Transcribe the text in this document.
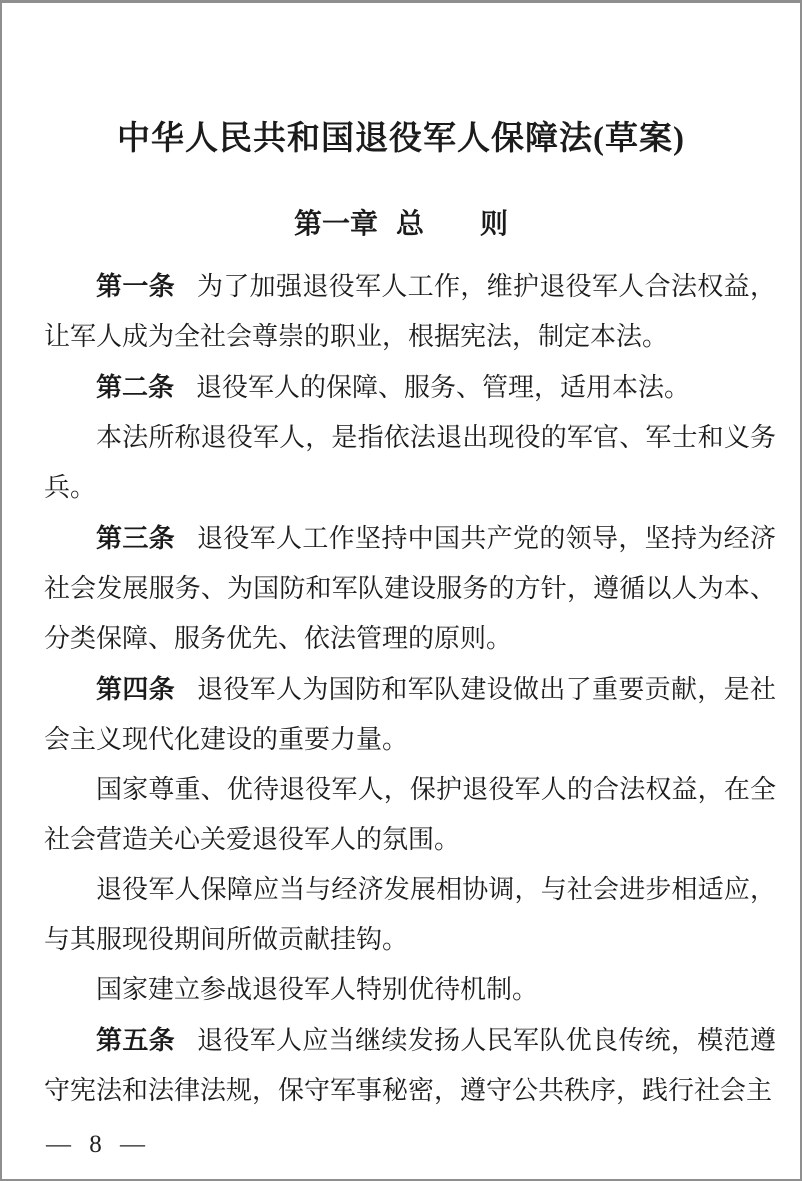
中华人民共和国退役军人保障法(草案)
第一章 总　　则

第一条 为了加强退役军人工作，维护退役军人合法权益，让军人成为全社会尊崇的职业，根据宪法，制定本法。

第二条 退役军人的保障、服务、管理，适用本法。

本法所称退役军人，是指依法退出现役的军官、军士和义务兵。

第三条 退役军人工作坚持中国共产党的领导，坚持为经济社会发展服务、为国防和军队建设服务的方针，遵循以人为本、分类保障、服务优先、依法管理的原则。

第四条 退役军人为国防和军队建设做出了重要贡献，是社会主义现代化建设的重要力量。

国家尊重、优待退役军人，保护退役军人的合法权益，在全社会营造关心关爱退役军人的氛围。

退役军人保障应当与经济发展相协调，与社会进步相适应，与其服现役期间所做贡献挂钩。

国家建立参战退役军人特别优待机制。

第五条 退役军人应当继续发扬人民军队优良传统，模范遵守宪法和法律法规，保守军事秘密，遵守公共秩序，践行社会主

— 8 —
